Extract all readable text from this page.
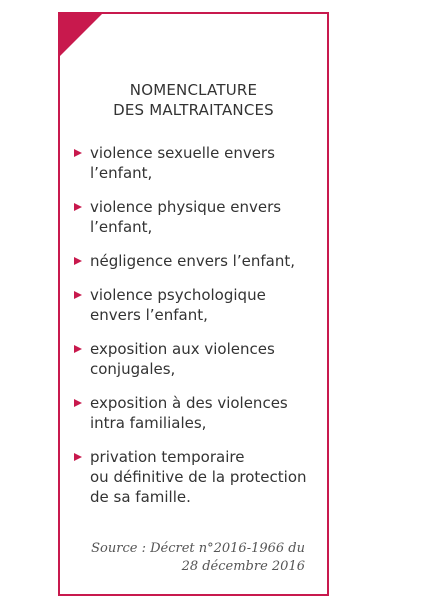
NOMENCLATURE
DES MALTRAITANCES
violence sexuelle envers
l’enfant,
violence physique envers
l’enfant,
négligence envers l’enfant,
violence psychologique
envers l’enfant,
exposition aux violences
conjugales,
exposition à des violences
intra familiales,
privation temporaire
ou définitive de la protection
de sa famille.
Source : Décret n°2016-1966 du
28 décembre 2016
